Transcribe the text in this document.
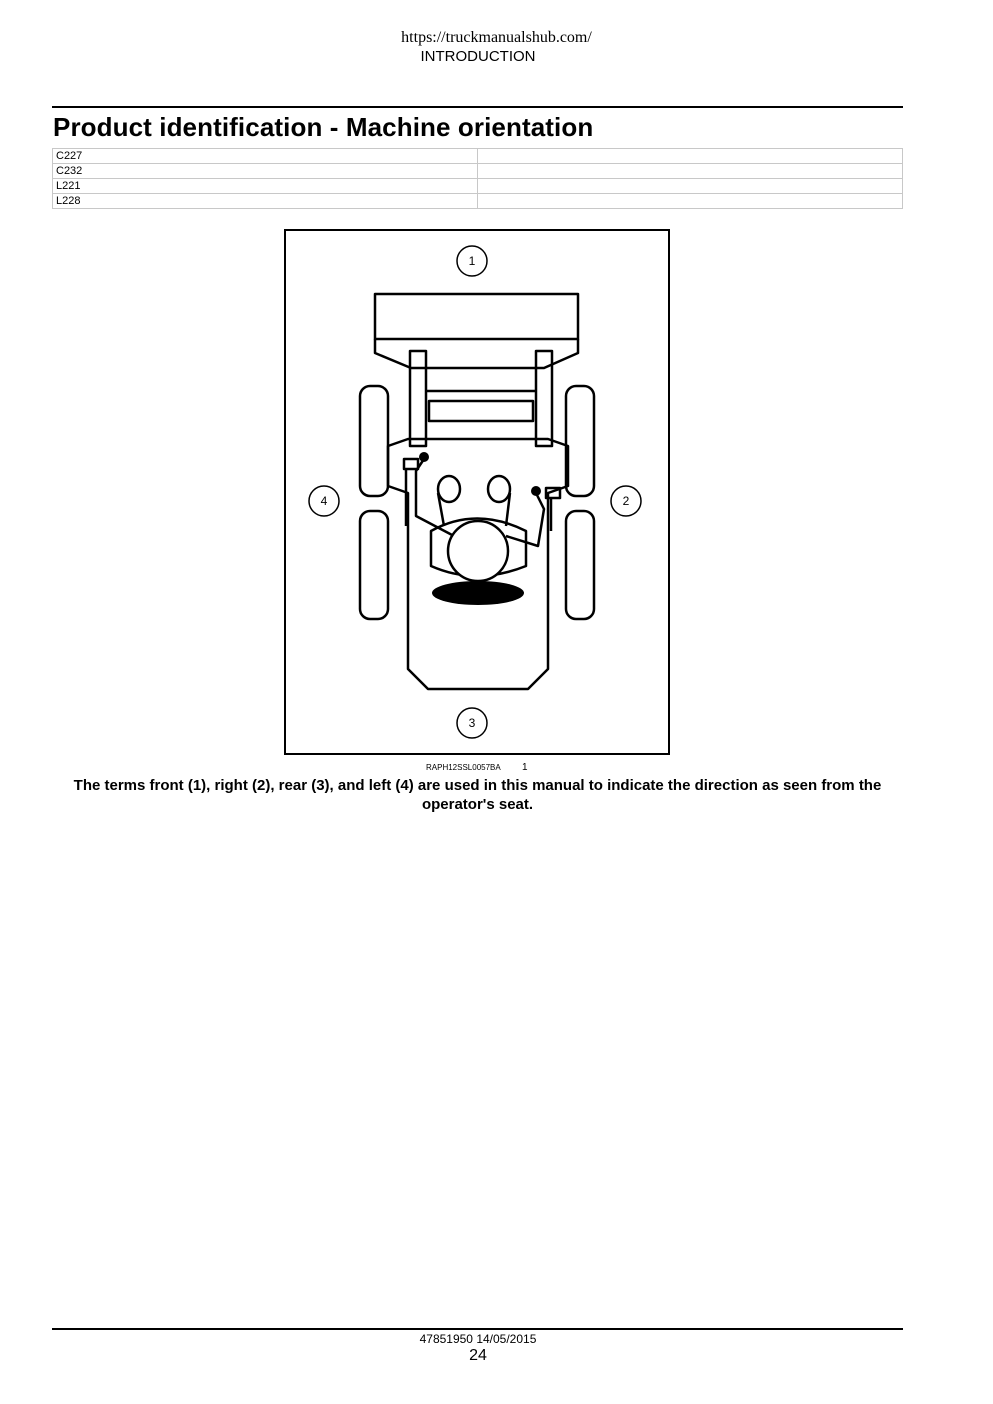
https://truckmanualshub.com/
INTRODUCTION
Product identification - Machine orientation
C227	
C232	
L221	
L228	
1
2
3
4
RAPH12SSL0057BA 1

The terms front (1), right (2), rear (3), and left (4) are used in this manual to indicate the direction as seen from the operator's seat.

47851950 14/05/2015
24
